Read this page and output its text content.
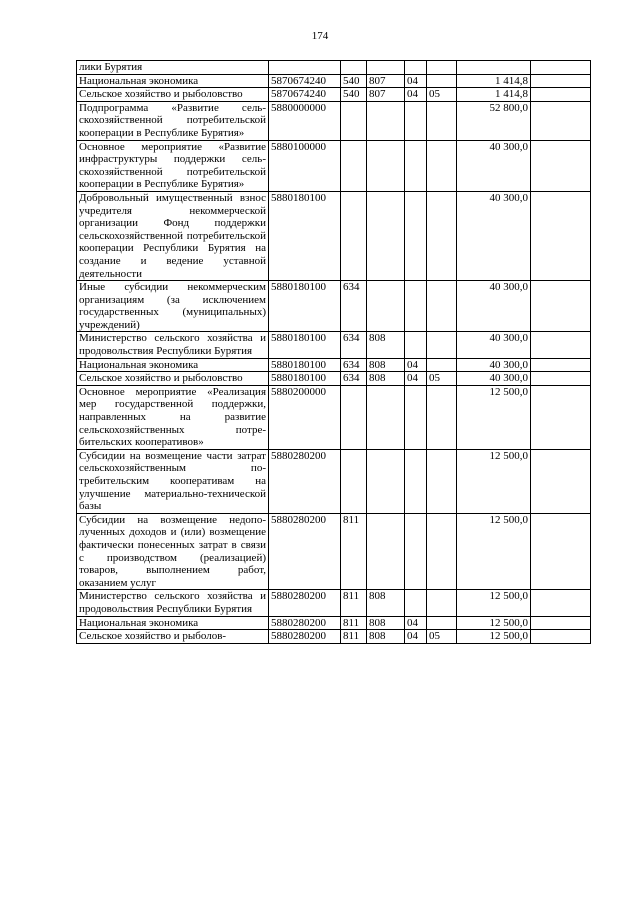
174
лики Бурятия							
Национальная экономика	5870674240	540	807	04		1 414,8	
Сельское хозяйство и рыболовство	5870674240	540	807	04	05	1 414,8	
Подпрограмма «Развитие сельскохозяйственной потребительской кооперации в Республике Бурятия»	5880000000					52 800,0	
Основное мероприятие «Развитие инфраструктуры поддержки сельскохозяйственной потребительской кооперации в Республике Бурятия»	5880100000					40 300,0	
Добровольный имущественный взнос учредителя некоммерческой организации Фонд поддержки сельскохозяйственной потребительской кооперации Республики Бурятия на создание и ведение уставной деятельности	5880180100					40 300,0	
Иные субсидии некоммерческим организациям (за исключением государственных (муниципальных) учреждений)	5880180100	634				40 300,0	
Министерство сельского хозяйства и продовольствия Республики Бурятия	5880180100	634	808			40 300,0	
Национальная экономика	5880180100	634	808	04		40 300,0	
Сельское хозяйство и рыболовство	5880180100	634	808	04	05	40 300,0	
Основное мероприятие «Реализация мер государственной поддержки, направленных на развитие сельскохозяйственных потребительских кооперативов»	5880200000					12 500,0	
Субсидии на возмещение части затрат сельскохозяйственным потребительским кооперативам на улучшение материально-технической базы	5880280200					12 500,0	
Субсидии на возмещение недополученных доходов и (или) возмещение фактически понесенных затрат в связи с производством (реализацией) товаров, выполнением работ, оказанием услуг	5880280200	811				12 500,0	
Министерство сельского хозяйства и продовольствия Республики Бурятия	5880280200	811	808			12 500,0	
Национальная экономика	5880280200	811	808	04		12 500,0	
Сельское хозяйство и рыболов-	5880280200	811	808	04	05	12 500,0	
